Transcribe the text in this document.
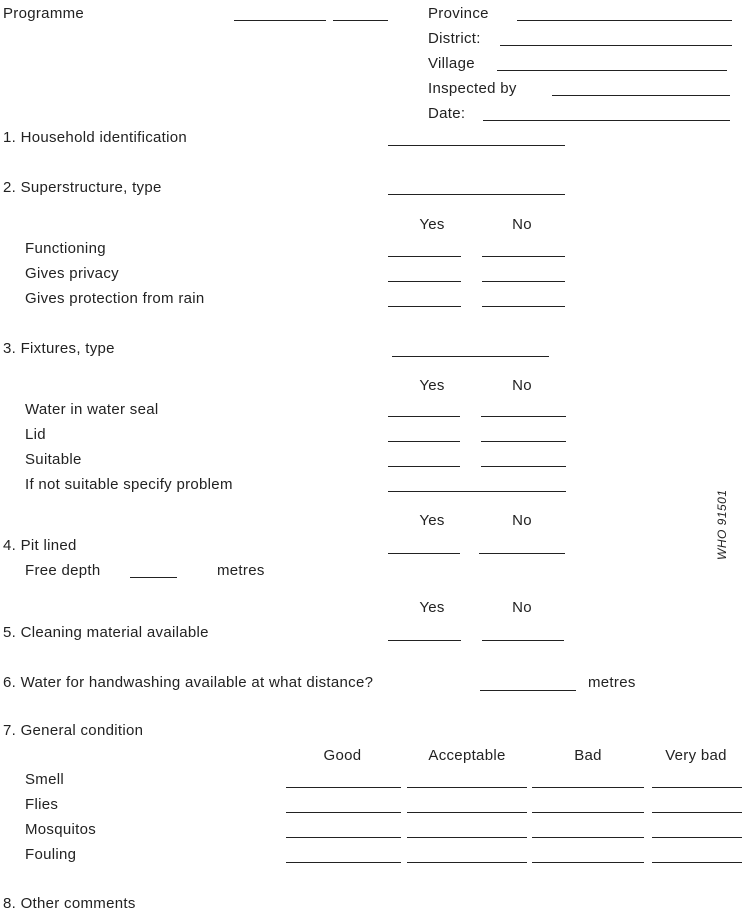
Programme	Province
District:
Village
Inspected by
Date:
1. Household identification
2. Superstructure, type
Yes	No
Functioning
Gives privacy
Gives protection from rain
3. Fixtures, type
Yes	No
Water in water seal
Lid
Suitable
If not suitable specify problem
Yes	No
4. Pit lined
Free depth	metres
Yes	No
5. Cleaning material available
6. Water for handwashing available at what distance?	metres
7. General condition
Good	Acceptable	Bad	Very bad
Smell
Flies
Mosquitos
Fouling
8. Other comments
WHO 91501
